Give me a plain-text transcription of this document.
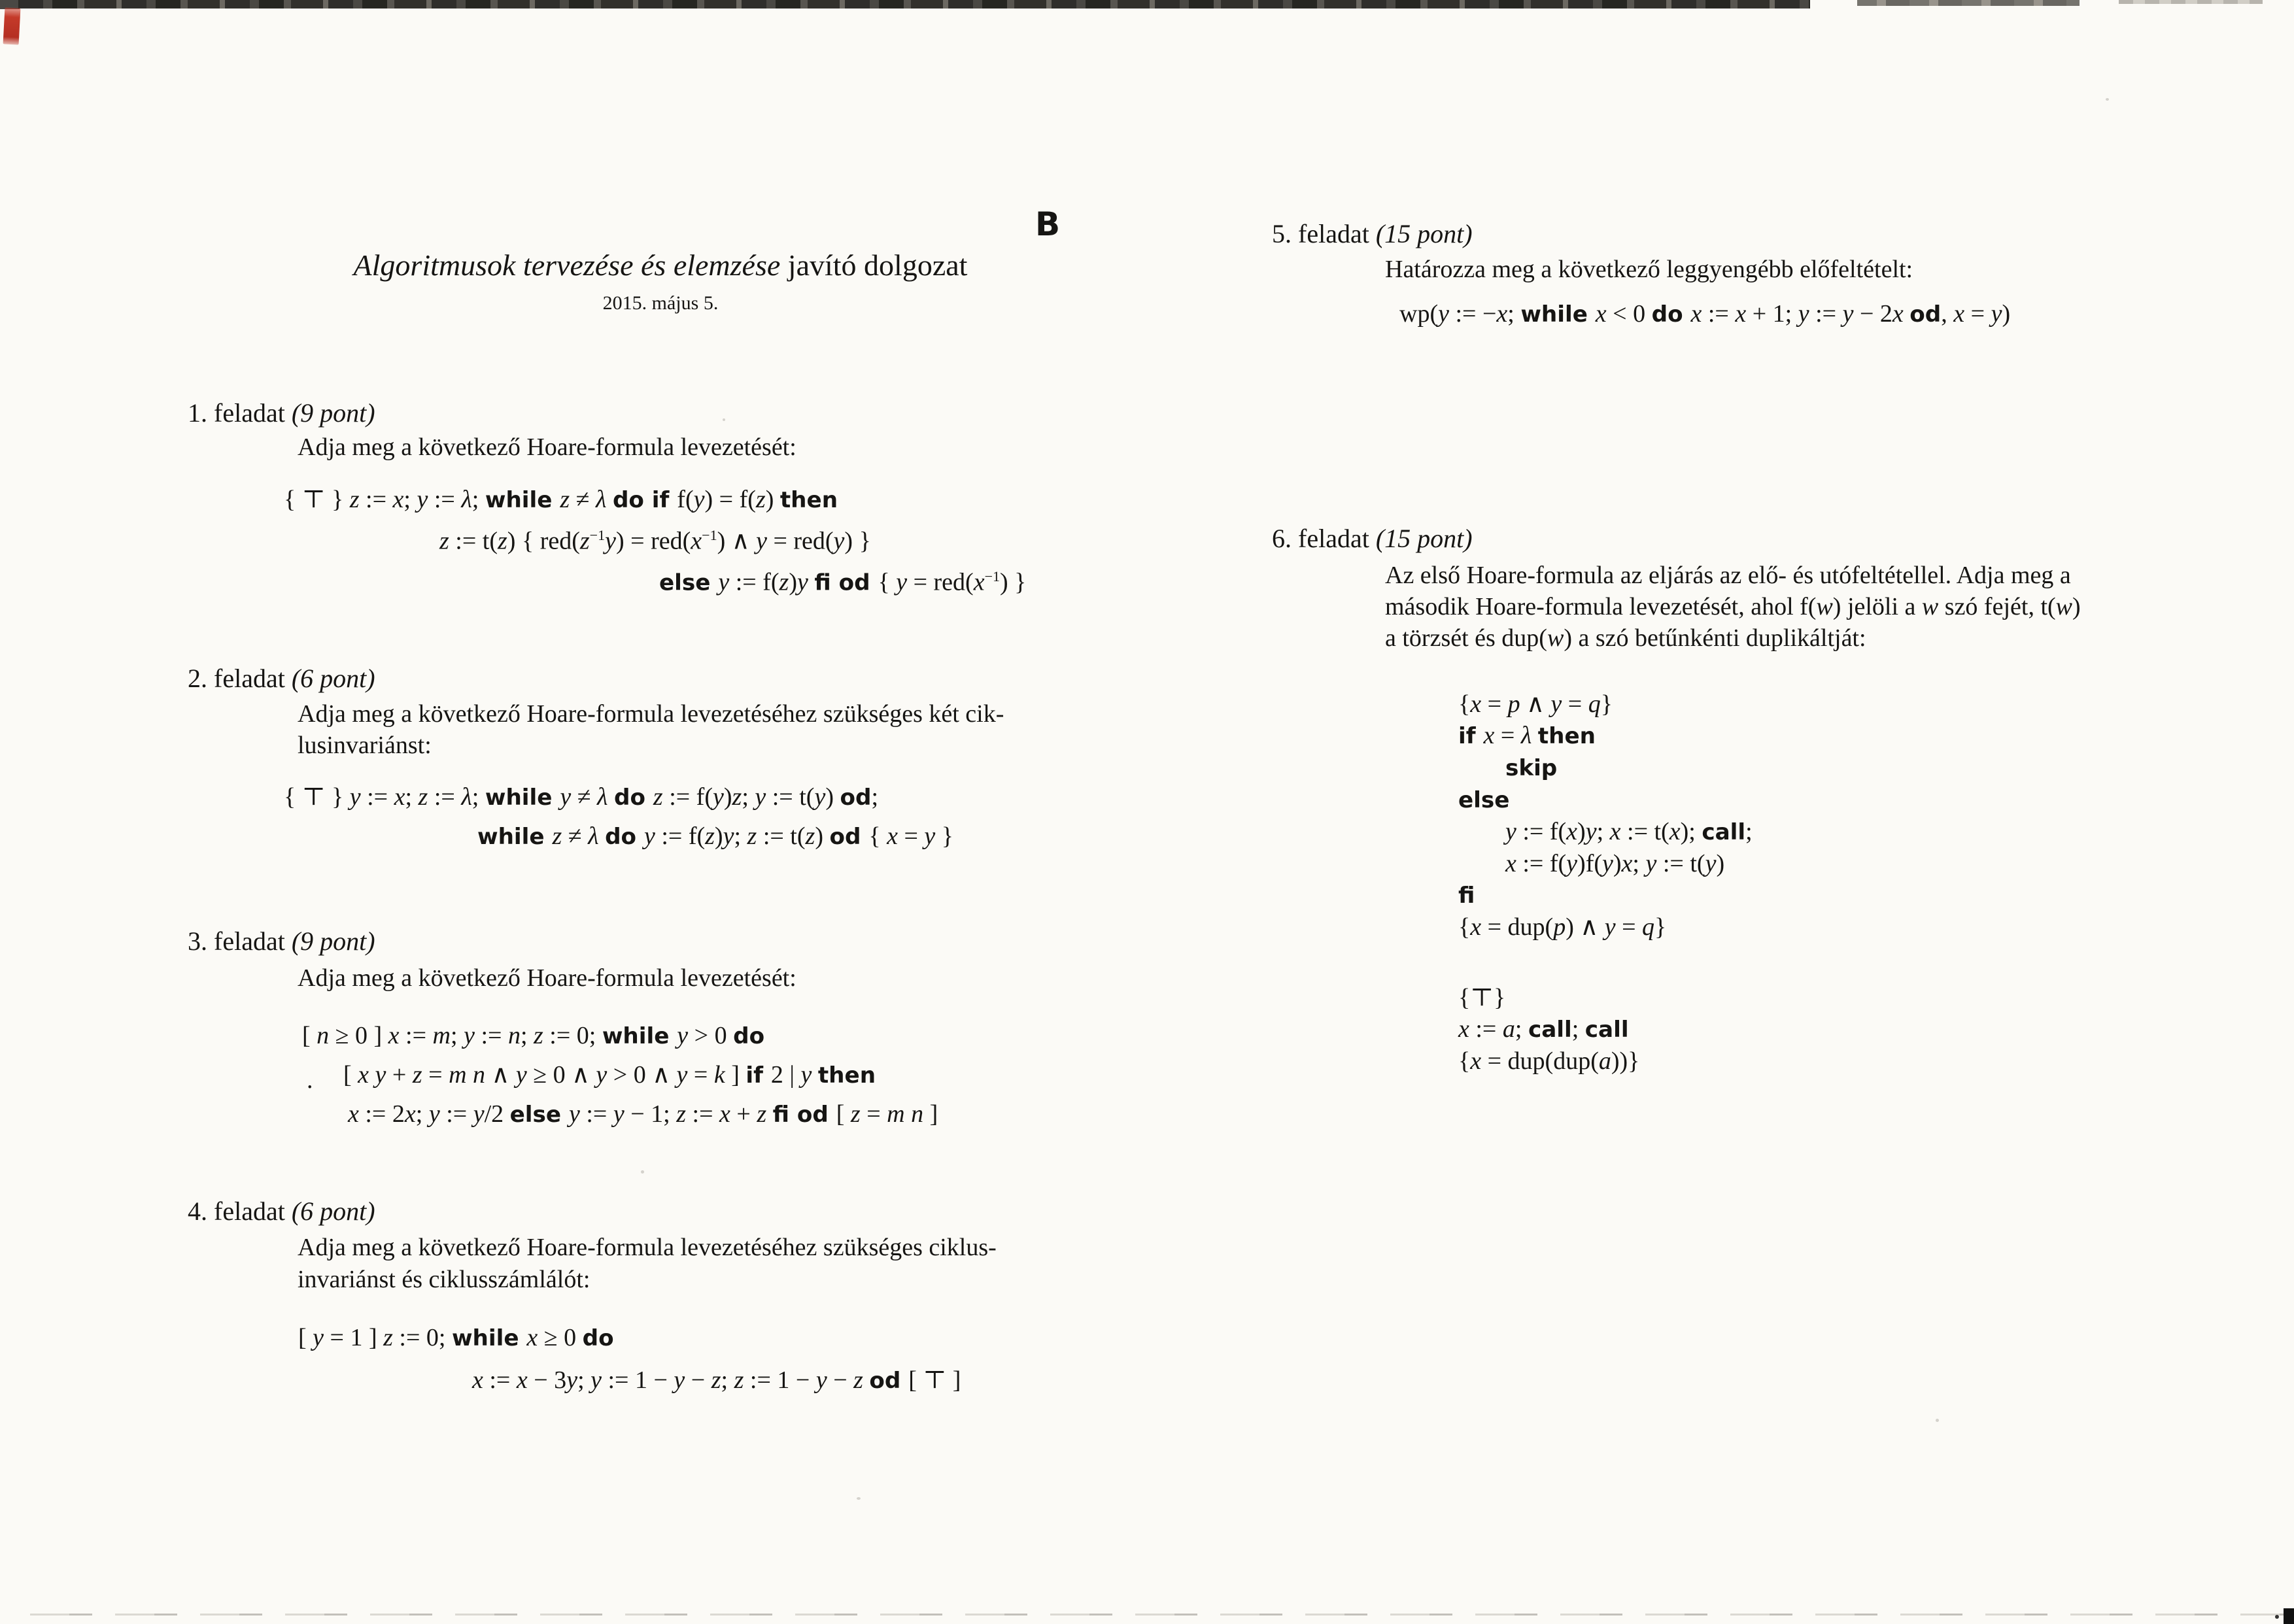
B
Algoritmusok tervezése és elemzése javító dolgozat
2015. május 5.
1. feladat (9 pont)
Adja meg a következő Hoare-formula levezetését:
{ ⊤ } z := x; y := λ; while z ≠ λ do if f(y) = f(z) then
z := t(z) { $red(z^{-1}y) = red(x^{-1})$ ∧ y = red(y) }
else y := f(z)y fi od { $y = red(x^{-1})$ }
2. feladat (6 pont)
Adja meg a következő Hoare-formula levezetéséhez szükséges két cik-
lusinvariánst:
{ ⊤ } y := x; z := λ; while y ≠ λ do z := f(y)z; y := t(y) od;
while z ≠ λ do y := f(z)y; z := t(z) od { x = y }
3. feladat (9 pont)
Adja meg a következő Hoare-formula levezetését:
[ n ≥ 0 ] x := m; y := n; z := 0; while y > 0 do
[ x y + z = m n ∧ y ≥ 0 ∧ y > 0 ∧ y = k ] if 2 | y then
x := 2x; y := y/2 else y := y − 1; z := x + z fi od [ z = m n ]
4. feladat (6 pont)
Adja meg a következő Hoare-formula levezetéséhez szükséges ciklus-
invariánst és ciklusszámlálót:
[ y = 1 ] z := 0; while x ≥ 0 do
x := x − 3y; y := 1 − y − z; z := 1 − y − z od [ ⊤ ]
5. feladat (15 pont)
Határozza meg a következő leggyengébb előfeltételt:
wp(y := −x; while x < 0 do x := x + 1; y := y − 2x od, x = y)
6. feladat (15 pont)
Az első Hoare-formula az eljárás az elő- és utófeltétellel. Adja meg a
második Hoare-formula levezetését, ahol f(w) jelöli a w szó fejét, t(w)
a törzsét és dup(w) a szó betűnkénti duplikáltját:
{x = p ∧ y = q}
if x = λ then
skip
else
y := f(x)y; x := t(x); call;
x := f(y)f(y)x; y := t(y)
fi
{x = dup(p) ∧ y = q}
{⊤}
x := a; call; call
{x = dup(dup(a))}
.
